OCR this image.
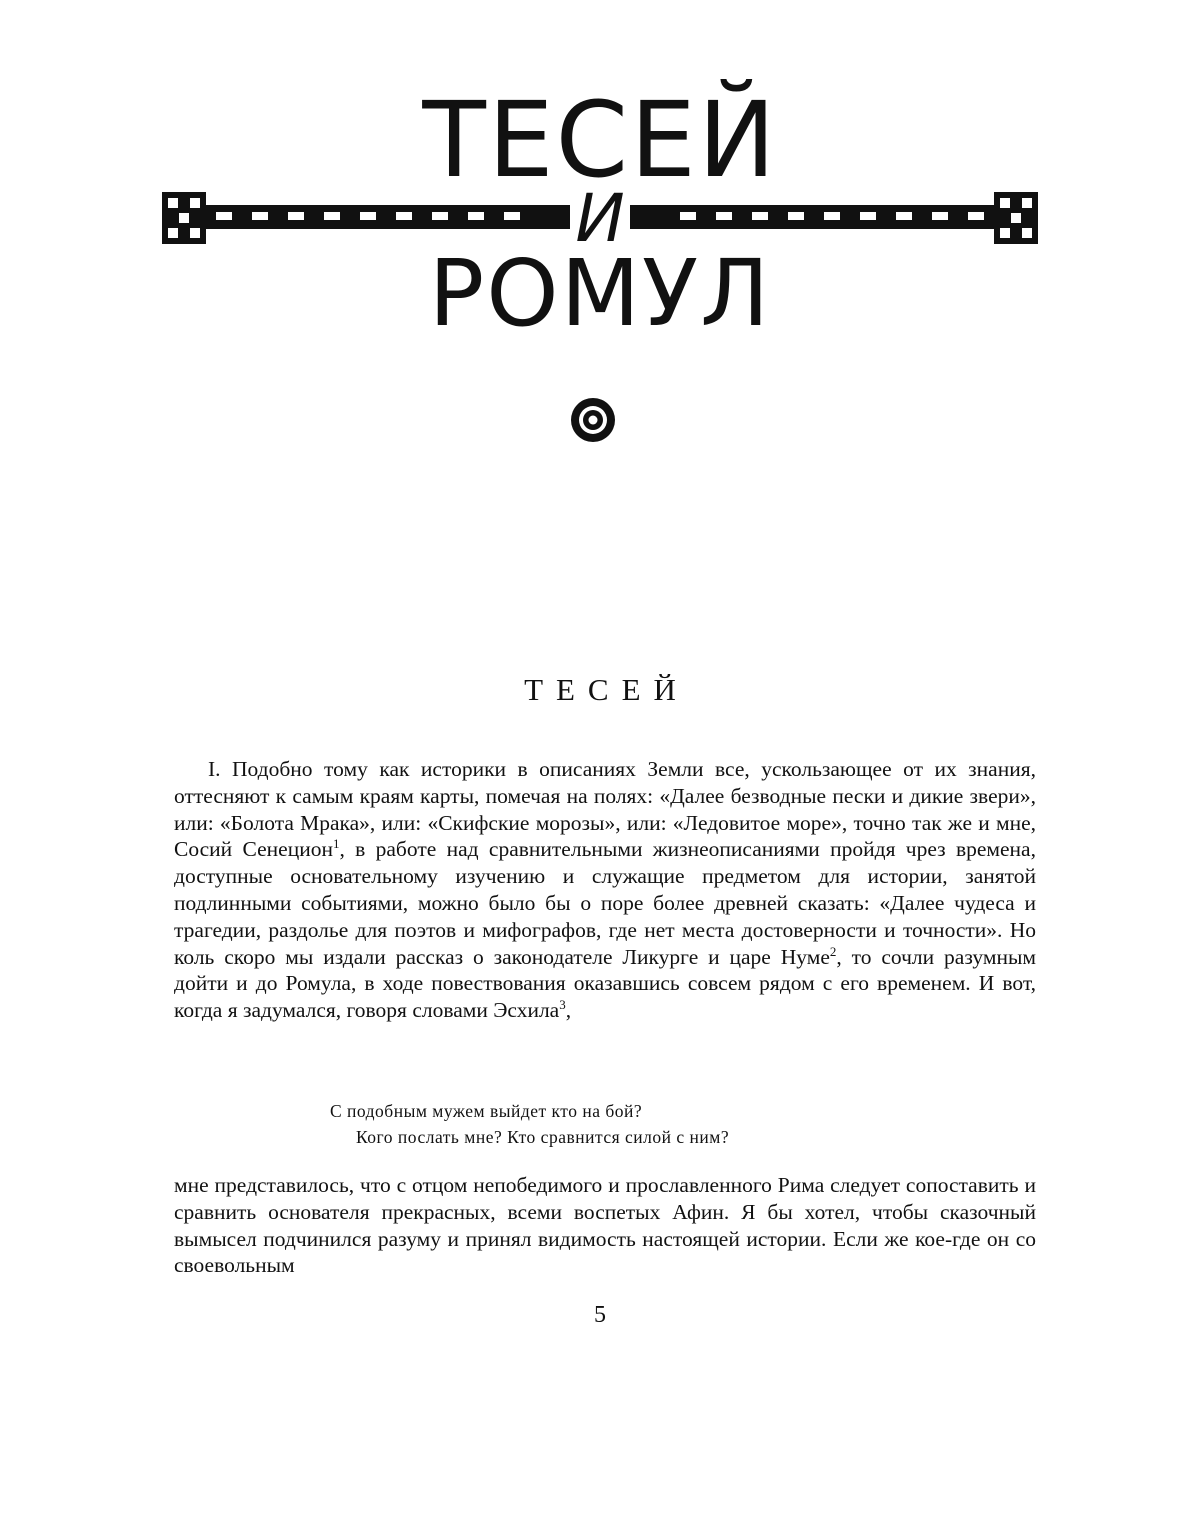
ТЕСЕЙ
И
РОМУЛ
ТЕСЕЙ

I. Подобно тому как историки в описаниях Земли все, ускользающее от их знания, оттесняют к самым краям карты, помечая на полях: «Далее безводные пески и дикие звери», или: «Болота Мрака», или: «Скифские морозы», или: «Ледовитое море», точно так же и мне, Сосий Сенецион$^1$, в работе над сравнительными жизнеописаниями пройдя чрез времена, доступные основательному изучению и служащие предметом для истории, занятой подлинными событиями, можно было бы о поре более древней сказать: «Далее чудеса и трагедии, раздолье для поэтов и мифографов, где нет места достоверности и точности». Но коль скоро мы издали рассказ о законодателе Ликурге и царе Нуме$^2$, то сочли разумным дойти и до Ромула, в ходе повествования оказавшись совсем рядом с его временем. И вот, когда я задумался, говоря словами Эсхила$^3$,

С подобным мужем выйдет кто на бой?
Кого послать мне? Кто сравнится силой с ним?

мне представилось, что с отцом непобедимого и прославленного Рима следует сопоставить и сравнить основателя прекрасных, всеми воспетых Афин. Я бы хотел, чтобы сказочный вымысел подчинился разуму и принял видимость настоящей истории. Если же кое-где он со своевольным

5
